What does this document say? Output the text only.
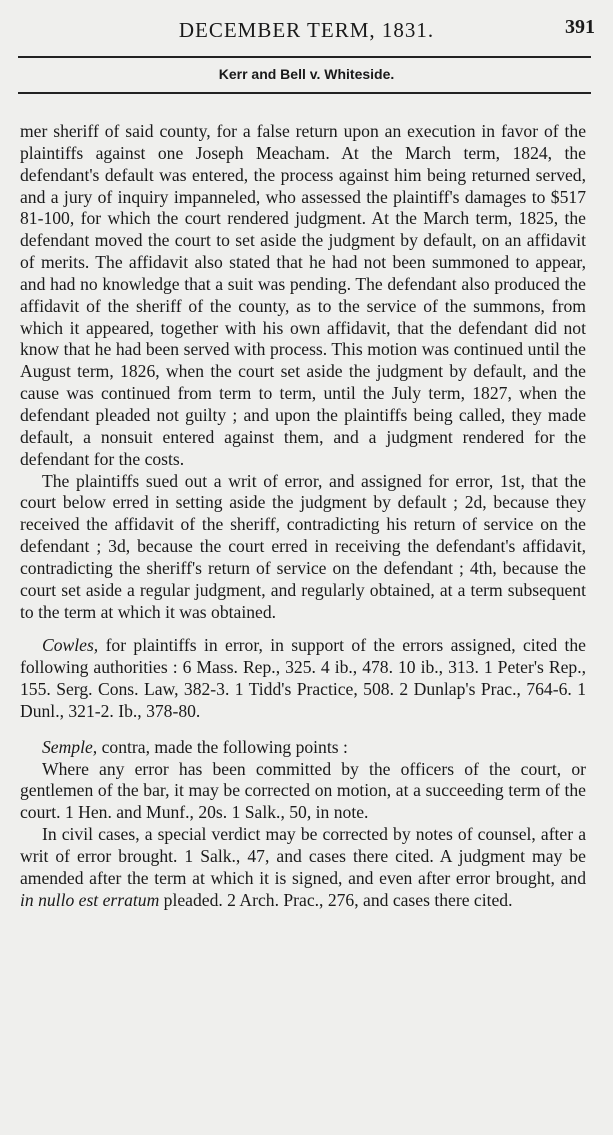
DECEMBER TERM, 1831.	391
Kerr and Bell v. Whiteside.

mer sheriff of said county, for a false return upon an execution in favor of the plaintiffs against one Joseph Meacham. At the March term, 1824, the defendant's default was entered, the process against him being returned served, and a jury of inquiry impanneled, who assessed the plaintiff's damages to $517 81-100, for which the court rendered judgment. At the March term, 1825, the defendant moved the court to set aside the judgment by default, on an affidavit of merits. The affidavit also stated that he had not been summoned to appear, and had no knowledge that a suit was pending. The defendant also produced the affidavit of the sheriff of the county, as to the service of the summons, from which it appeared, together with his own affidavit, that the defendant did not know that he had been served with process. This motion was continued until the August term, 1826, when the court set aside the judgment by default, and the cause was continued from term to term, until the July term, 1827, when the defendant pleaded not guilty ; and upon the plaintiffs being called, they made default, a nonsuit entered against them, and a judgment rendered for the defendant for the costs.

The plaintiffs sued out a writ of error, and assigned for error, 1st, that the court below erred in setting aside the judgment by default ; 2d, because they received the affidavit of the sheriff, contradicting his return of service on the defendant ; 3d, because the court erred in receiving the defendant's affidavit, contradicting the sheriff's return of service on the defendant ; 4th, because the court set aside a regular judgment, and regularly obtained, at a term subsequent to the term at which it was obtained.

Cowles, for plaintiffs in error, in support of the errors assigned, cited the following authorities : 6 Mass. Rep., 325. 4 ib., 478. 10 ib., 313. 1 Peter's Rep., 155. Serg. Cons. Law, 382-3. 1 Tidd's Practice, 508. 2 Dunlap's Prac., 764-6. 1 Dunl., 321-2. Ib., 378-80.

Semple, contra, made the following points :

Where any error has been committed by the officers of the court, or gentlemen of the bar, it may be corrected on motion, at a succeeding term of the court. 1 Hen. and Munf., 20s. 1 Salk., 50, in note.

In civil cases, a special verdict may be corrected by notes of counsel, after a writ of error brought. 1 Salk., 47, and cases there cited. A judgment may be amended after the term at which it is signed, and even after error brought, and in nullo est erratum pleaded. 2 Arch. Prac., 276, and cases there cited.
